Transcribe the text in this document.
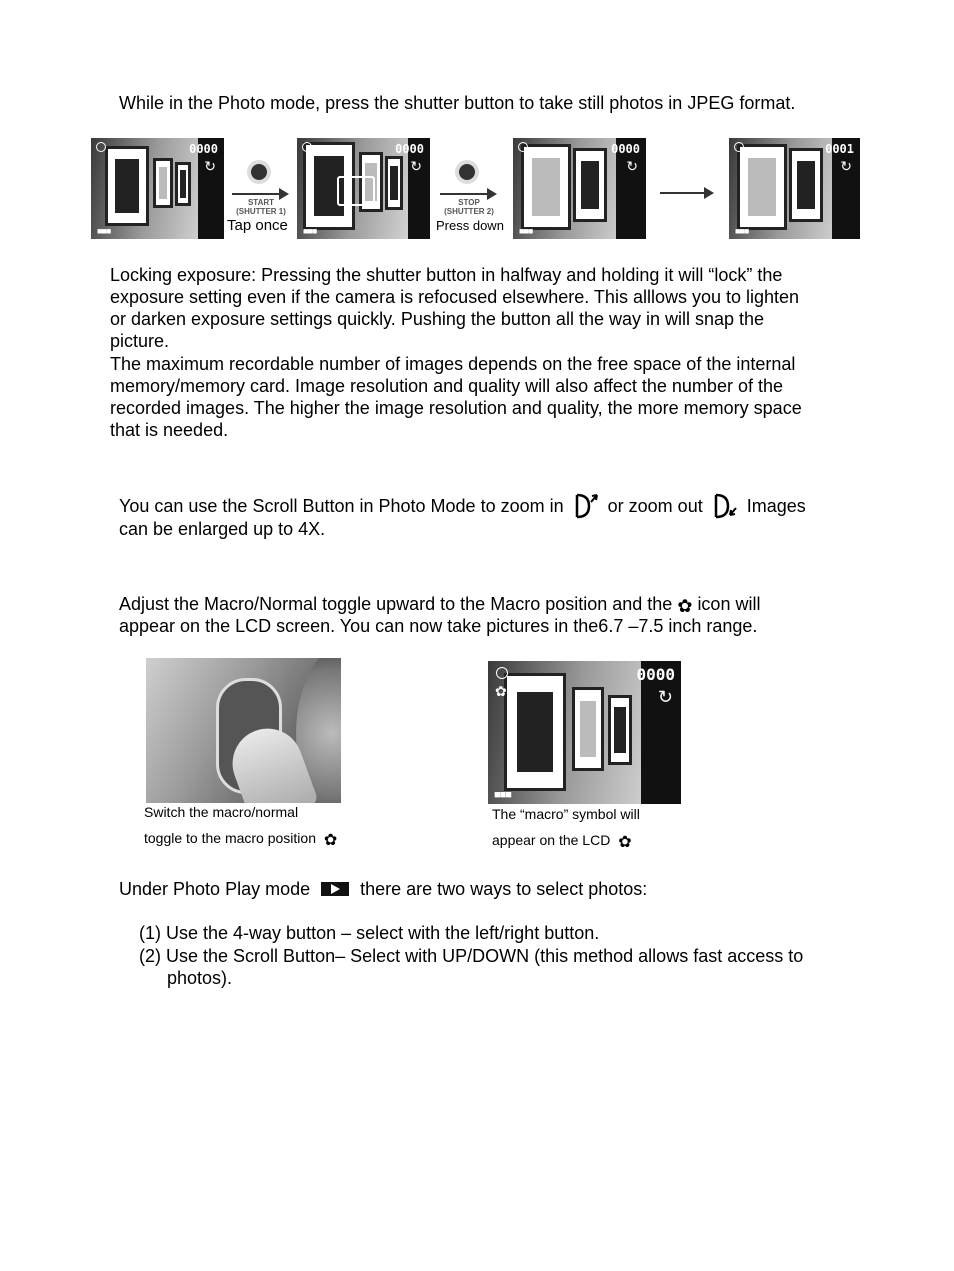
While in the Photo mode, press the shutter button to take still photos in JPEG format.

0000
↻
■■■
START
(SHUTTER 1)
Tap once
0000
↻
■■■
STOP
(SHUTTER 2)
Press down
0000
↻
■■■
0001
↻
■■■

Locking exposure: Pressing the shutter button in halfway and holding it will “lock” the

exposure setting even if the camera is refocused elsewhere. This alllows you to lighten

or darken exposure settings quickly. Pushing the button all the way in will snap the

picture.

The maximum recordable number of images depends on the free space of the internal

memory/memory card. Image resolution and quality will also affect the number of the

recorded images. The higher the image resolution and quality, the more memory space

that is needed.

You can use the Scroll Button in Photo Mode to zoom in or zoom out Images

can be enlarged up to 4X.

Adjust the Macro/Normal toggle upward to the Macro position and the ✿ icon will

appear on the LCD screen. You can now take pictures in the6.7 –7.5 inch range.

Switch the macro/normal
toggle to the macro position ✿
✿
0000
↻
■■■
The “macro” symbol will
appear on the LCD ✿
Under Photo Play mode	there are two ways to select photos:

(1) Use the 4-way button – select with the left/right button.

(2) Use the Scroll Button– Select with UP/DOWN (this method allows fast access to

photos).
